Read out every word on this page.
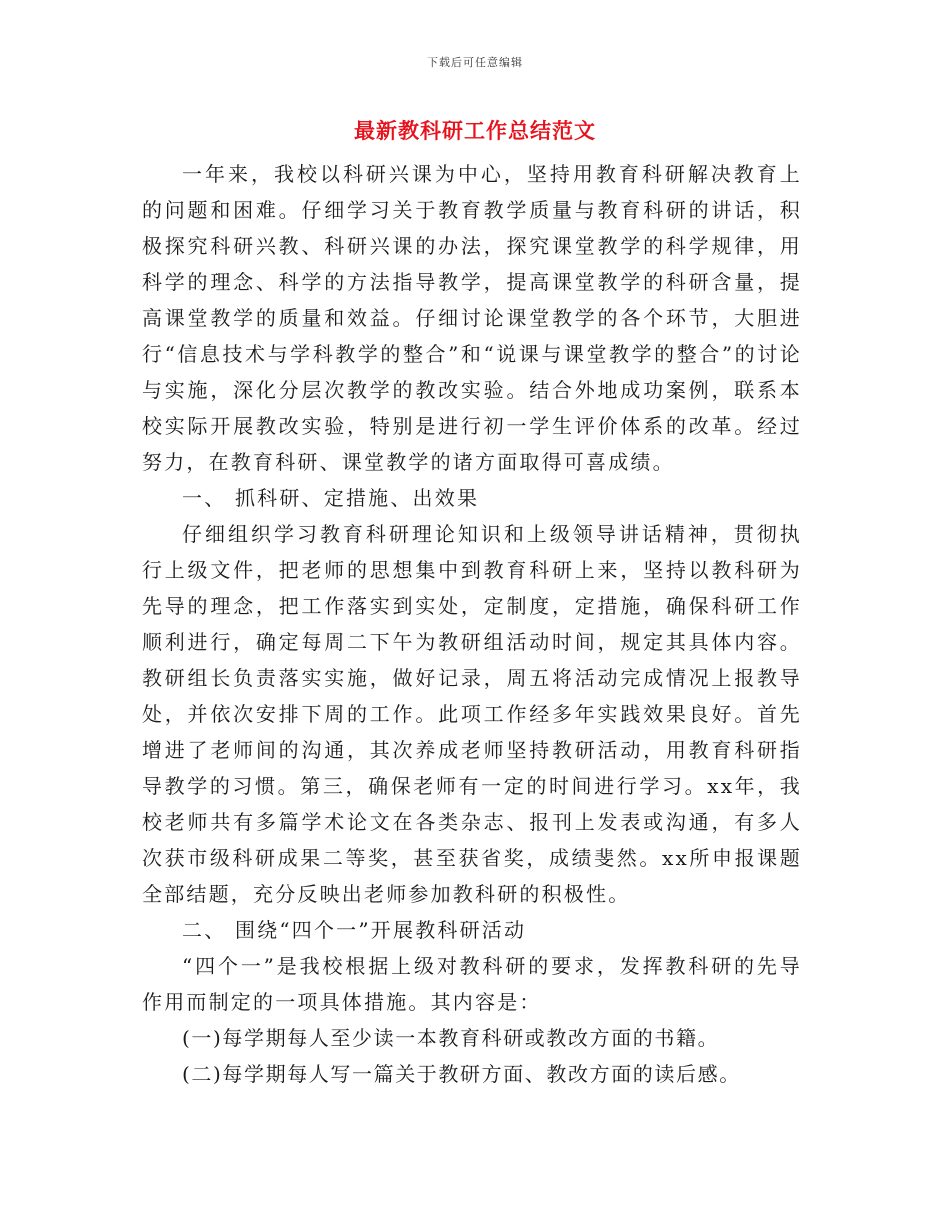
下载后可任意编辑
最新教科研工作总结范文

一年来，我校以科研兴课为中心，坚持用教育科研解决教育上的问题和困难。仔细学习关于教育教学质量与教育科研的讲话，积极探究科研兴教、科研兴课的办法，探究课堂教学的科学规律，用科学的理念、科学的方法指导教学，提高课堂教学的科研含量，提高课堂教学的质量和效益。仔细讨论课堂教学的各个环节，大胆进行“信息技术与学科教学的整合”和“说课与课堂教学的整合”的讨论与实施，深化分层次教学的教改实验。结合外地成功案例，联系本校实际开展教改实验，特别是进行初一学生评价体系的改革。经过努力，在教育科研、课堂教学的诸方面取得可喜成绩。

一、 抓科研、定措施、出效果

仔细组织学习教育科研理论知识和上级领导讲话精神，贯彻执行上级文件，把老师的思想集中到教育科研上来，坚持以教科研为先导的理念，把工作落实到实处，定制度，定措施，确保科研工作顺利进行，确定每周二下午为教研组活动时间，规定其具体内容。教研组长负责落实实施，做好记录，周五将活动完成情况上报教导处，并依次安排下周的工作。此项工作经多年实践效果良好。首先增进了老师间的沟通，其次养成老师坚持教研活动，用教育科研指导教学的习惯。第三，确保老师有一定的时间进行学习。xx年，我校老师共有多篇学术论文在各类杂志、报刊上发表或沟通，有多人次获市级科研成果二等奖，甚至获省奖，成绩斐然。xx所申报课题全部结题，充分反映出老师参加教科研的积极性。

二、 围绕“四个一”开展教科研活动

“四个一”是我校根据上级对教科研的要求，发挥教科研的先导作用而制定的一项具体措施。其内容是：

(一)每学期每人至少读一本教育科研或教改方面的书籍。

(二)每学期每人写一篇关于教研方面、教改方面的读后感。
